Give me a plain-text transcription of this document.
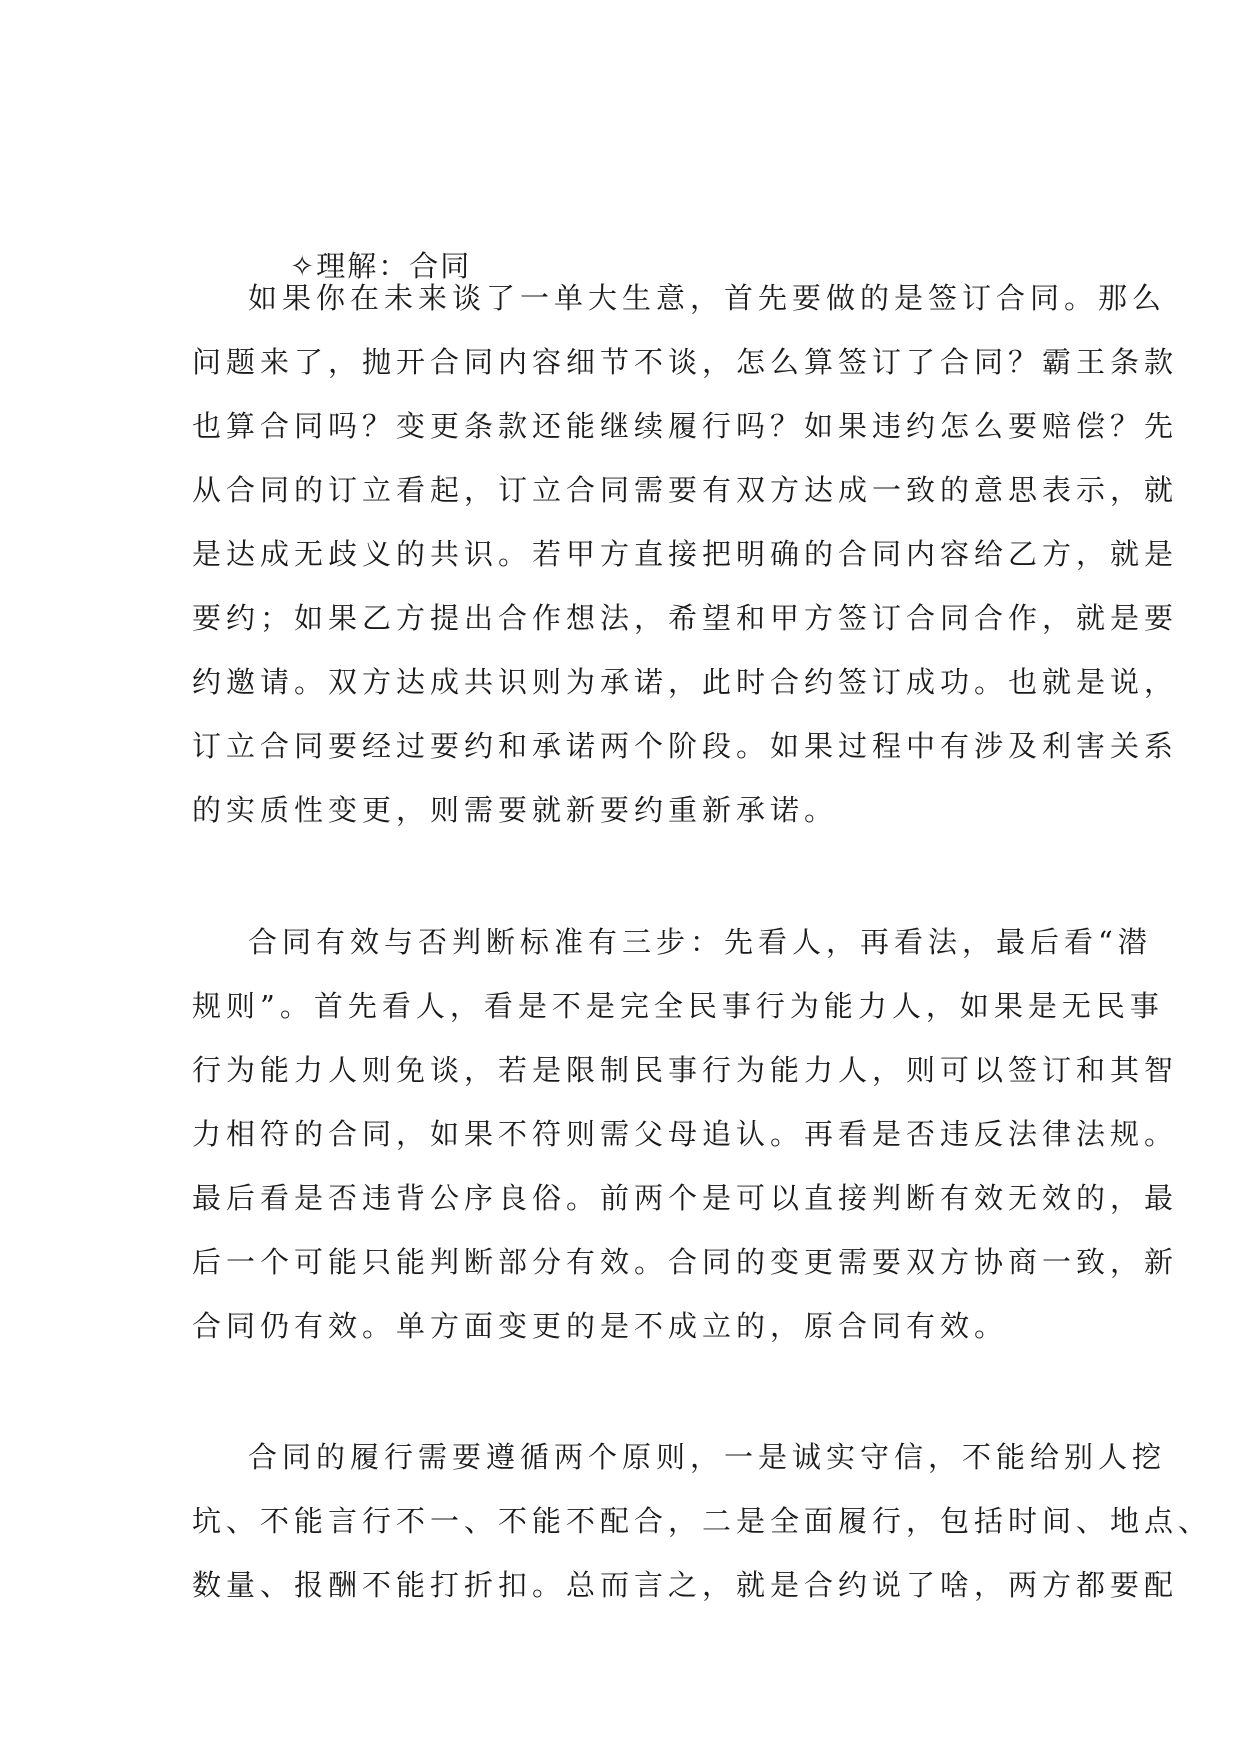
✧理解：合同
如果你在未来谈了一单大生意，首先要做的是签订合同。那么
问题来了，抛开合同内容细节不谈，怎么算签订了合同？霸王条款
也算合同吗？变更条款还能继续履行吗？如果违约怎么要赔偿？先
从合同的订立看起，订立合同需要有双方达成一致的意思表示，就
是达成无歧义的共识。若甲方直接把明确的合同内容给乙方，就是
要约；如果乙方提出合作想法，希望和甲方签订合同合作，就是要
约邀请。双方达成共识则为承诺，此时合约签订成功。也就是说，
订立合同要经过要约和承诺两个阶段。如果过程中有涉及利害关系
的实质性变更，则需要就新要约重新承诺。
合同有效与否判断标准有三步：先看人，再看法，最后看“潜
规则”。首先看人，看是不是完全民事行为能力人，如果是无民事
行为能力人则免谈，若是限制民事行为能力人，则可以签订和其智
力相符的合同，如果不符则需父母追认。再看是否违反法律法规。
最后看是否违背公序良俗。前两个是可以直接判断有效无效的，最
后一个可能只能判断部分有效。合同的变更需要双方协商一致，新
合同仍有效。单方面变更的是不成立的，原合同有效。
合同的履行需要遵循两个原则，一是诚实守信，不能给别人挖
坑、不能言行不一、不能不配合，二是全面履行，包括时间、地点、
数量、报酬不能打折扣。总而言之，就是合约说了啥，两方都要配
